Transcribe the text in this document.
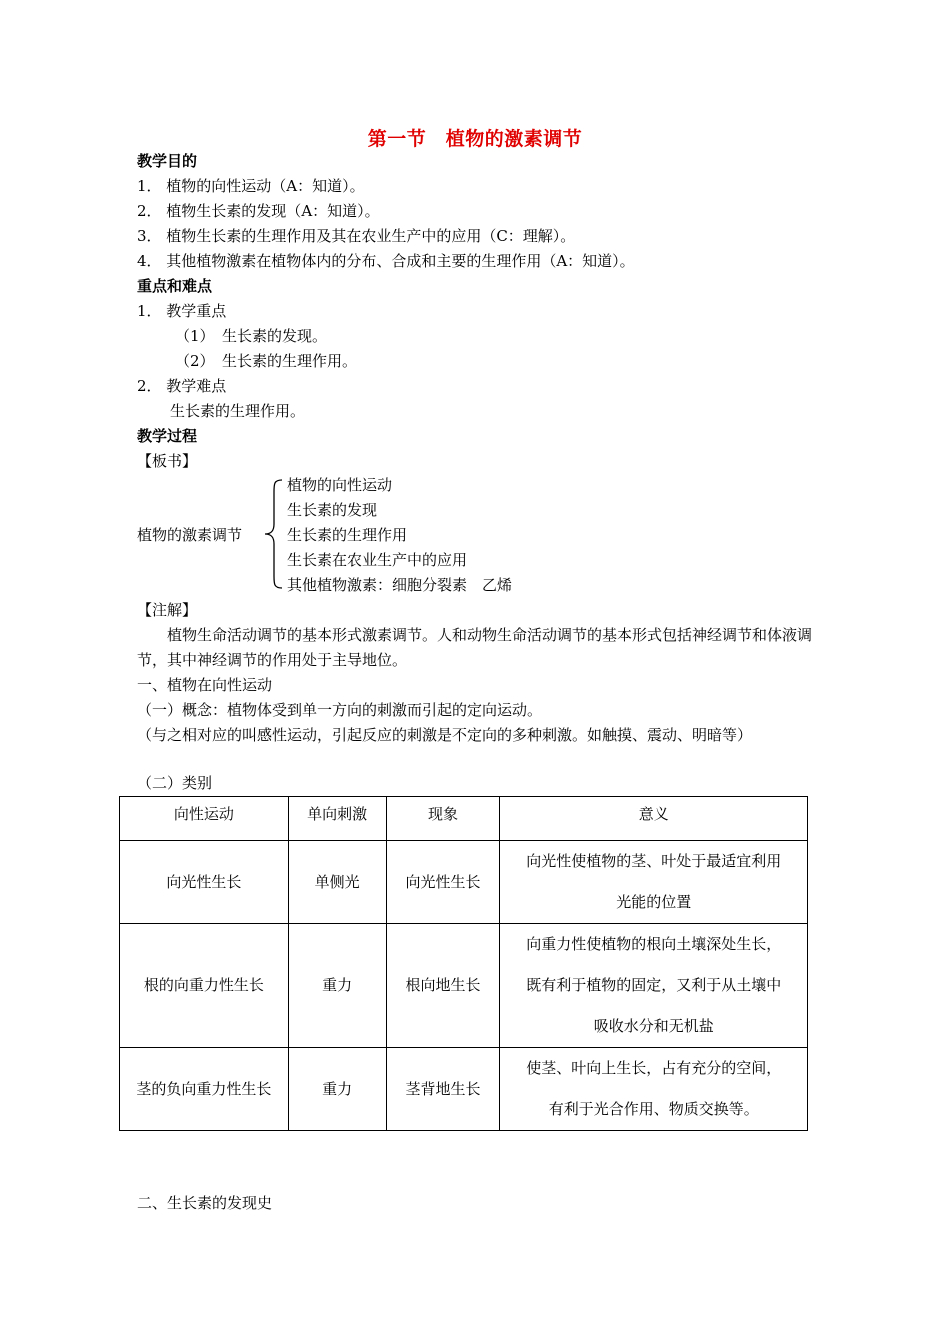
第一节　植物的激素调节
教学目的
1． 植物的向性运动（A：知道）。
2． 植物生长素的发现（A：知道）。
3． 植物生长素的生理作用及其在农业生产中的应用（C：理解）。
4． 其他植物激素在植物体内的分布、合成和主要的生理作用（A：知道）。
重点和难点
1． 教学重点
（1）　生长素的发现。
（2）　生长素的生理作用。
2． 教学难点
生长素的生理作用。
教学过程
【板书】
植物的激素调节
植物的向性运动
生长素的发现
生长素的生理作用
生长素在农业生产中的应用
其他植物激素：细胞分裂素　乙烯
【注解】
植物生命活动调节的基本形式激素调节。人和动物生命活动调节的基本形式包括神经调节和体液调节，其中神经调节的作用处于主导地位。
一、植物在向性运动
（一）概念：植物体受到单一方向的刺激而引起的定向运动。
（与之相对应的叫感性运动，引起反应的刺激是不定向的多种刺激。如触摸、震动、明暗等）
（二）类别
向性运动	单向刺激	现象	意义
向光性生长	单侧光	向光性生长	向光性使植物的茎、叶处于最适宜利用
光能的位置

根的向重力性生长	重力	根向地生长	向重力性使植物的根向土壤深处生长，
既有利于植物的固定，又利于从土壤中
吸收水分和无机盐

茎的负向重力性生长	重力	茎背地生长	使茎、叶向上生长，占有充分的空间，
有利于光合作用、物质交换等。
二、生长素的发现史
